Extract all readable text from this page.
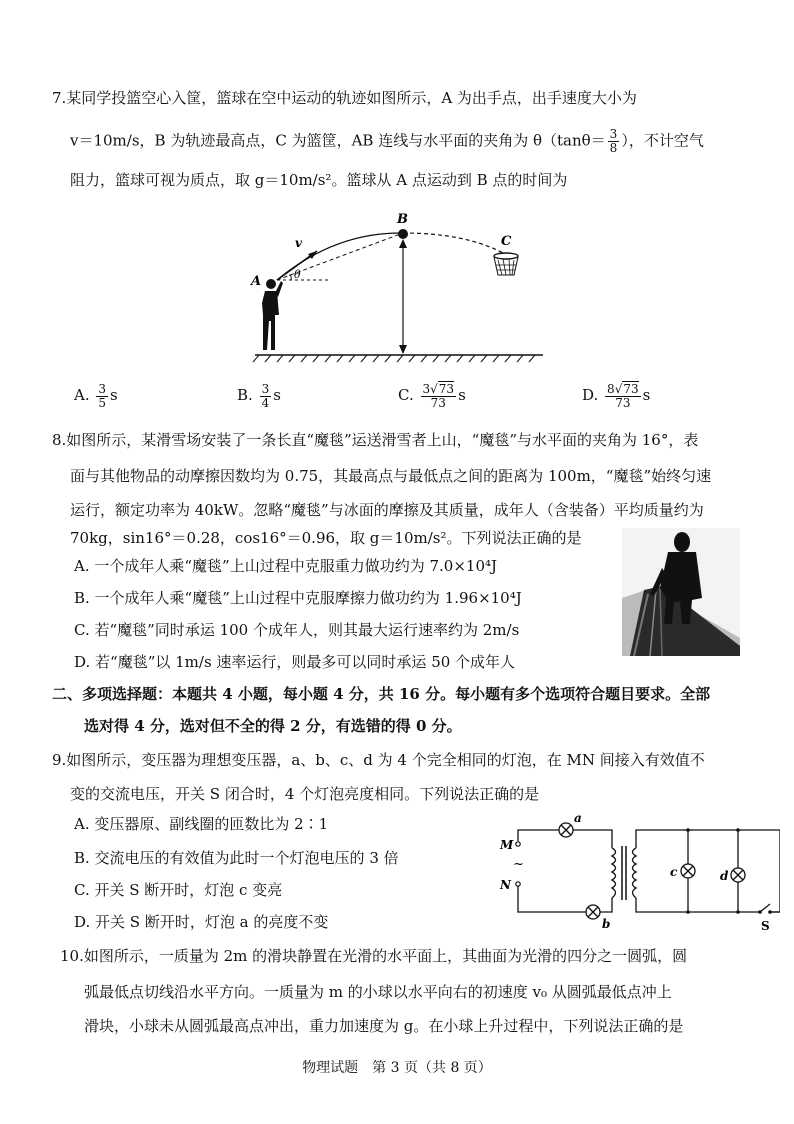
7.某同学投篮空心入筐，篮球在空中运动的轨迹如图所示，A 为出手点，出手速度大小为
v＝10m/s，B 为轨迹最高点，C 为篮筐，AB 连线与水平面的夹角为 $\theta(\tan\theta= \frac{3}{8}$ ），不计空气
阻力，篮球可视为质点，取 g＝10m/s²。篮球从 A 点运动到 B 点的时间为
B
C
A
v
θ
A. $\frac{3}{5}$ s	B. $\frac{3}{4}$ s	C. $\frac{3√73}{73}$ s	D. $\frac{8√73}{73}$ s
8.如图所示，某滑雪场安装了一条长直“魔毯”运送滑雪者上山，“魔毯”与水平面的夹角为 16°，表
面与其他物品的动摩擦因数均为 0.75，其最高点与最低点之间的距离为 100m，“魔毯”始终匀速
运行，额定功率为 40kW。忽略“魔毯”与冰面的摩擦及其质量，成年人（含装备）平均质量约为
70kg，sin16°＝0.28，cos16°＝0.96，取 g＝10m/s²。下列说法正确的是
A. 一个成年人乘“魔毯”上山过程中克服重力做功约为 7.0×10⁴J
B. 一个成年人乘“魔毯”上山过程中克服摩擦力做功约为 1.96×10⁴J
C. 若“魔毯”同时承运 100 个成年人，则其最大运行速率约为 2m/s
D. 若“魔毯”以 1m/s 速率运行，则最多可以同时承运 50 个成年人
二、多项选择题：本题共 4 小题，每小题 4 分，共 16 分。每小题有多个选项符合题目要求。全部
选对得 4 分，选对但不全的得 2 分，有选错的得 0 分。
9.如图所示，变压器为理想变压器，a、b、c、d 为 4 个完全相同的灯泡，在 MN 间接入有效值不
变的交流电压，开关 S 闭合时，4 个灯泡亮度相同。下列说法正确的是
A. 变压器原、副线圈的匝数比为 2∶1
B. 交流电压的有效值为此时一个灯泡电压的 3 倍
C. 开关 S 断开时，灯泡 c 变亮
D. 开关 S 断开时，灯泡 a 的亮度不变
a
b
c	d
M
N
~
S
10.如图所示，一质量为 2m 的滑块静置在光滑的水平面上，其曲面为光滑的四分之一圆弧，圆
弧最低点切线沿水平方向。一质量为 m 的小球以水平向右的初速度 v₀ 从圆弧最低点冲上
滑块，小球未从圆弧最高点冲出，重力加速度为 g。在小球上升过程中，下列说法正确的是
物理试题　第 3 页（共 8 页）
